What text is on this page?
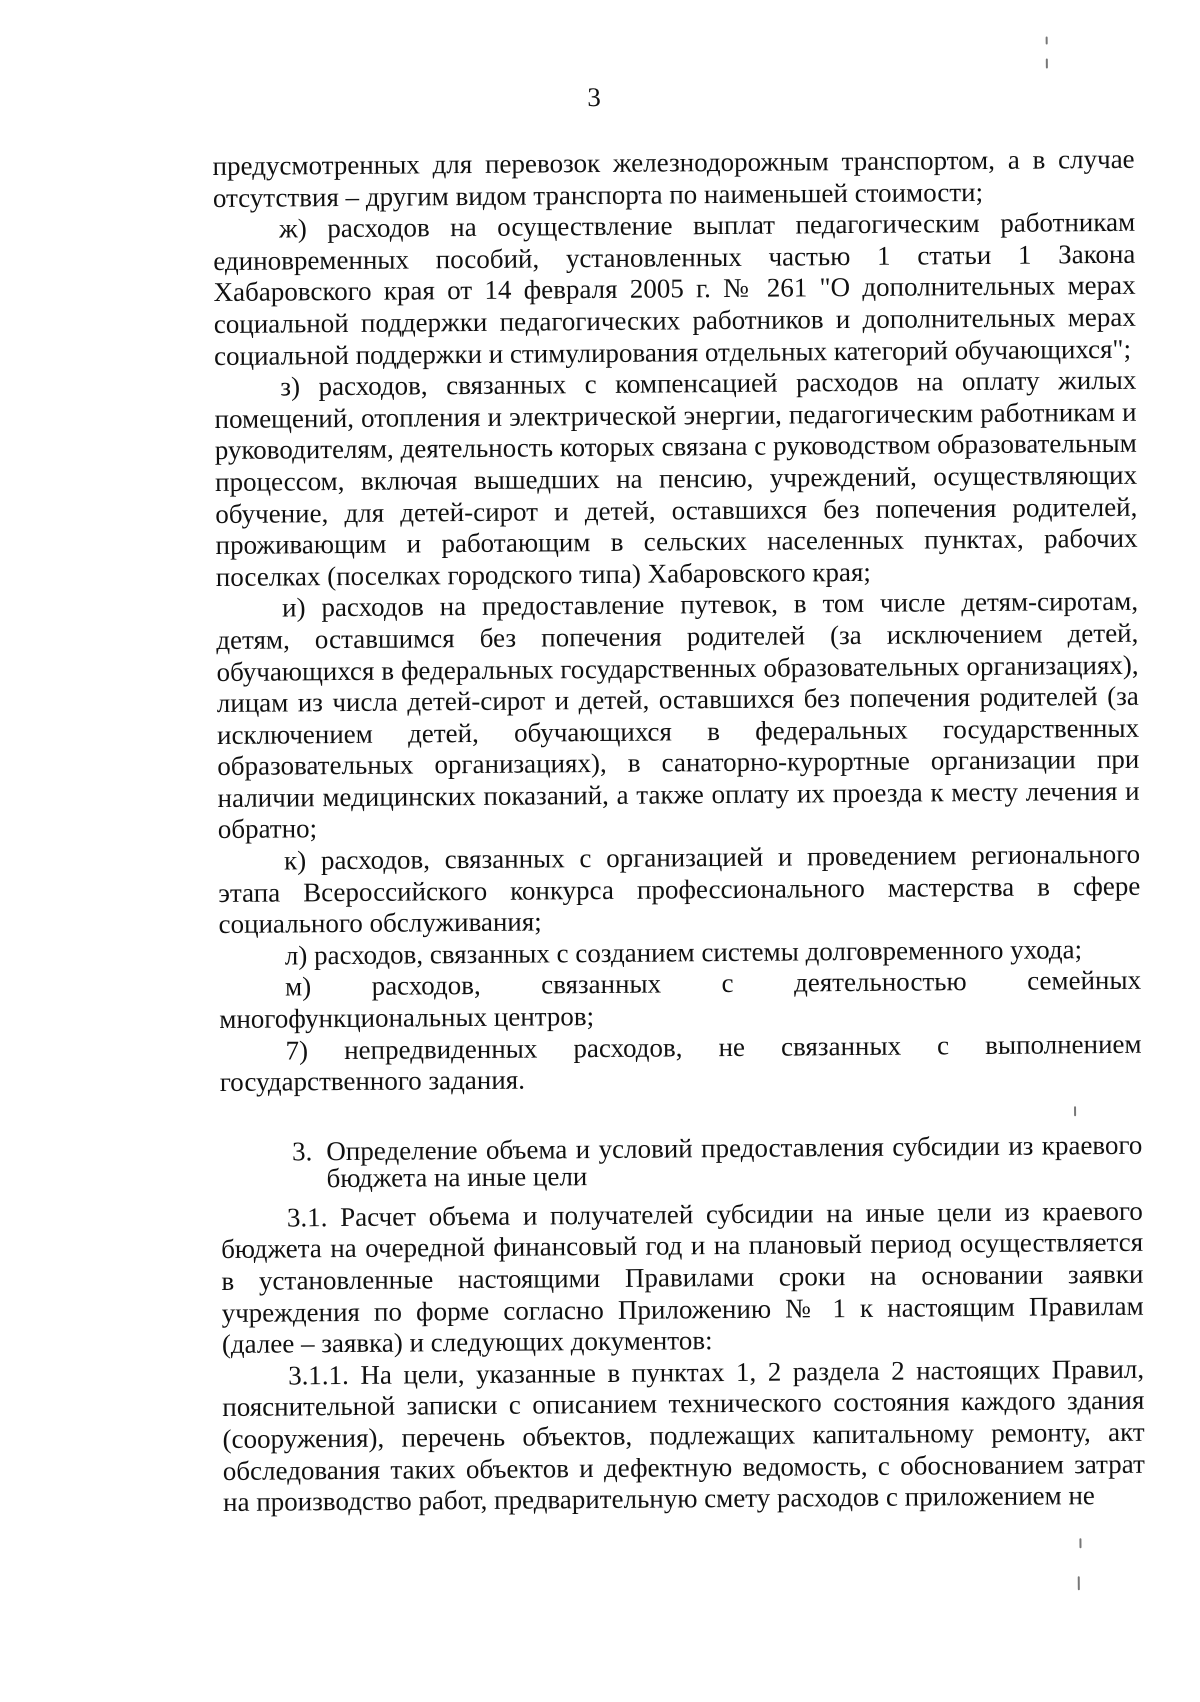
3

предусмотренных для перевозок железнодорожным транспортом, а в случае отсутствия – другим видом транспорта по наименьшей стоимости;

ж) расходов на осуществление выплат педагогическим работникам единовременных пособий, установленных частью 1 статьи 1 Закона Хабаровского края от 14 февраля 2005 г. № 261 "О дополнительных мерах социальной поддержки педагогических работников и дополнительных мерах социальной поддержки и стимулирования отдельных категорий обучающихся";

з) расходов, связанных с компенсацией расходов на оплату жилых помещений, отопления и электрической энергии, педагогическим работникам и руководителям, деятельность которых связана с руководством образовательным процессом, включая вышедших на пенсию, учреждений, осуществляющих обучение, для детей-сирот и детей, оставшихся без попечения родителей, проживающим и работающим в сельских населенных пунктах, рабочих поселках (поселках городского типа) Хабаровского края;

и) расходов на предоставление путевок, в том числе детям-сиротам, детям, оставшимся без попечения родителей (за исключением детей, обучающихся в федеральных государственных образовательных организациях), лицам из числа детей-сирот и детей, оставшихся без попечения родителей (за исключением детей, обучающихся в федеральных государственных образовательных организациях), в санаторно-курортные организации при наличии медицинских показаний, а также оплату их проезда к месту лечения и обратно;

к) расходов, связанных с организацией и проведением регионального этапа Всероссийского конкурса профессионального мастерства в сфере социального обслуживания;

л) расходов, связанных с созданием системы долговременного ухода;

м) расходов, связанных с деятельностью семейных многофункциональных центров;

7) непредвиденных расходов, не связанных с выполнением государственного задания.

3. Определение объема и условий предоставления субсидии из краевого бюджета на иные цели

3.1. Расчет объема и получателей субсидии на иные цели из краевого бюджета на очередной финансовый год и на плановый период осуществляется в установленные настоящими Правилами сроки на основании заявки учреждения по форме согласно Приложению № 1 к настоящим Правилам (далее – заявка) и следующих документов:

3.1.1. На цели, указанные в пунктах 1, 2 раздела 2 настоящих Правил, пояснительной записки с описанием технического состояния каждого здания (сооружения), перечень объектов, подлежащих капитальному ремонту, акт обследования таких объектов и дефектную ведомость, с обоснованием затрат на производство работ, предварительную смету расходов с приложением не
